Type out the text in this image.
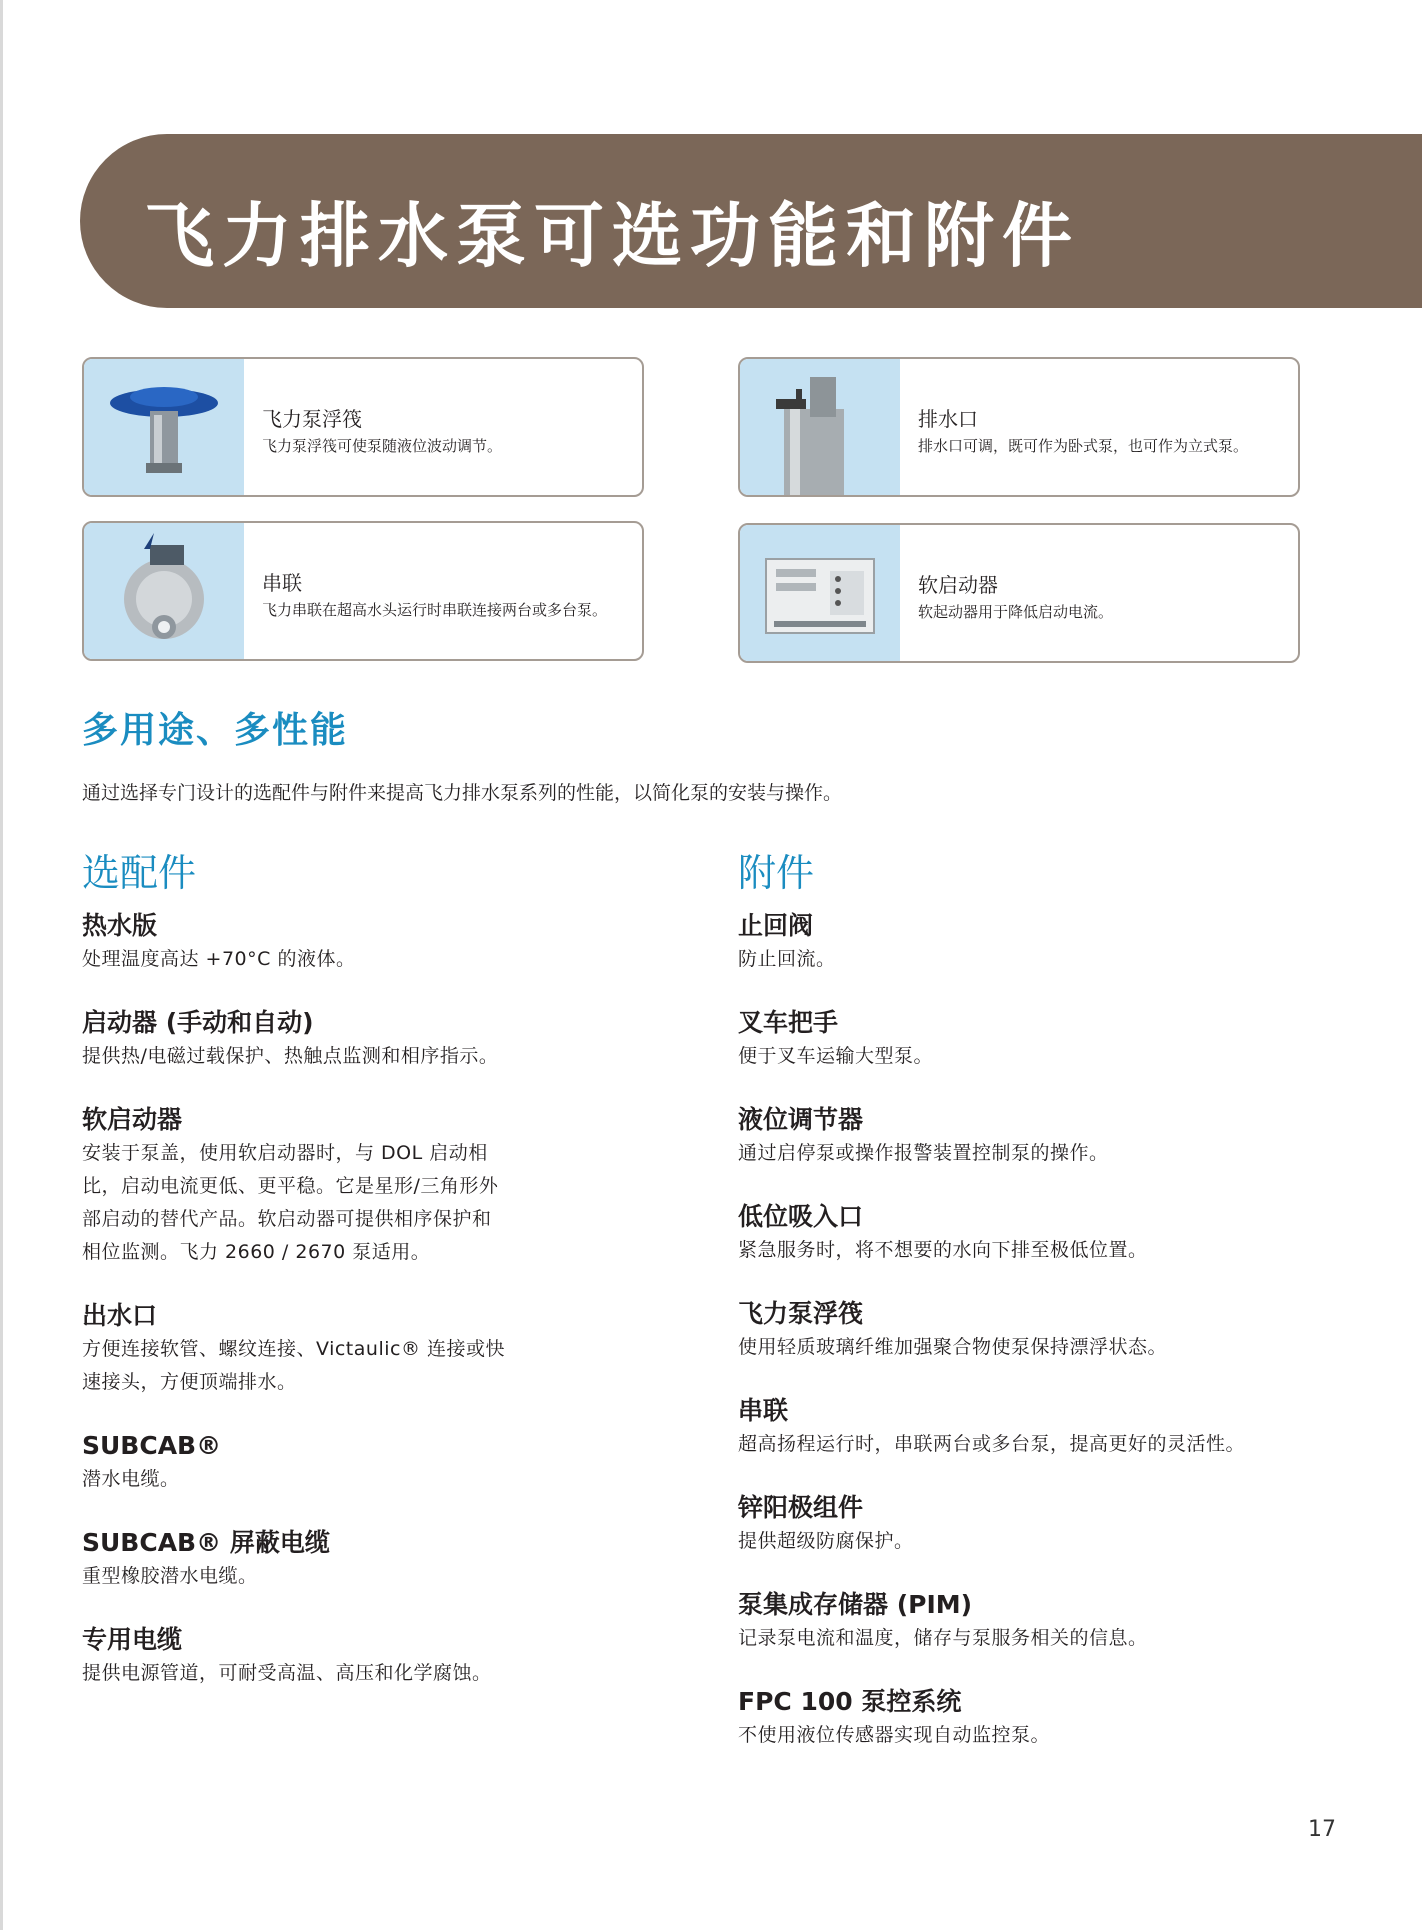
飞力排水泵可选功能和附件
飞力泵浮筏
飞力泵浮筏可使泵随液位波动调节。
排水口
排水口可调，既可作为卧式泵，也可作为立式泵。
串联
飞力串联在超高水头运行时串联连接两台或多台泵。
软启动器
软起动器用于降低启动电流。
多用途、多性能
通过选择专门设计的选配件与附件来提高飞力排水泵系列的性能，以简化泵的安装与操作。
选配件
热水版
处理温度高达 +70°C 的液体。
启动器 (手动和自动)
提供热/电磁过载保护、热触点监测和相序指示。
软启动器
安装于泵盖，使用软启动器时，与 DOL 启动相
比，启动电流更低、更平稳。它是星形/三角形外
部启动的替代产品。软启动器可提供相序保护和
相位监测。飞力 2660 / 2670 泵适用。
出水口
方便连接软管、螺纹连接、Victaulic® 连接或快
速接头，方便顶端排水。
SUBCAB®
潜水电缆。
SUBCAB® 屏蔽电缆
重型橡胶潜水电缆。
专用电缆
提供电源管道，可耐受高温、高压和化学腐蚀。
附件
止回阀
防止回流。
叉车把手
便于叉车运输大型泵。
液位调节器
通过启停泵或操作报警装置控制泵的操作。
低位吸入口
紧急服务时，将不想要的水向下排至极低位置。
飞力泵浮筏
使用轻质玻璃纤维加强聚合物使泵保持漂浮状态。
串联
超高扬程运行时，串联两台或多台泵，提高更好的灵活性。
锌阳极组件
提供超级防腐保护。
泵集成存储器 (PIM)
记录泵电流和温度，储存与泵服务相关的信息。
FPC 100 泵控系统
不使用液位传感器实现自动监控泵。
17
